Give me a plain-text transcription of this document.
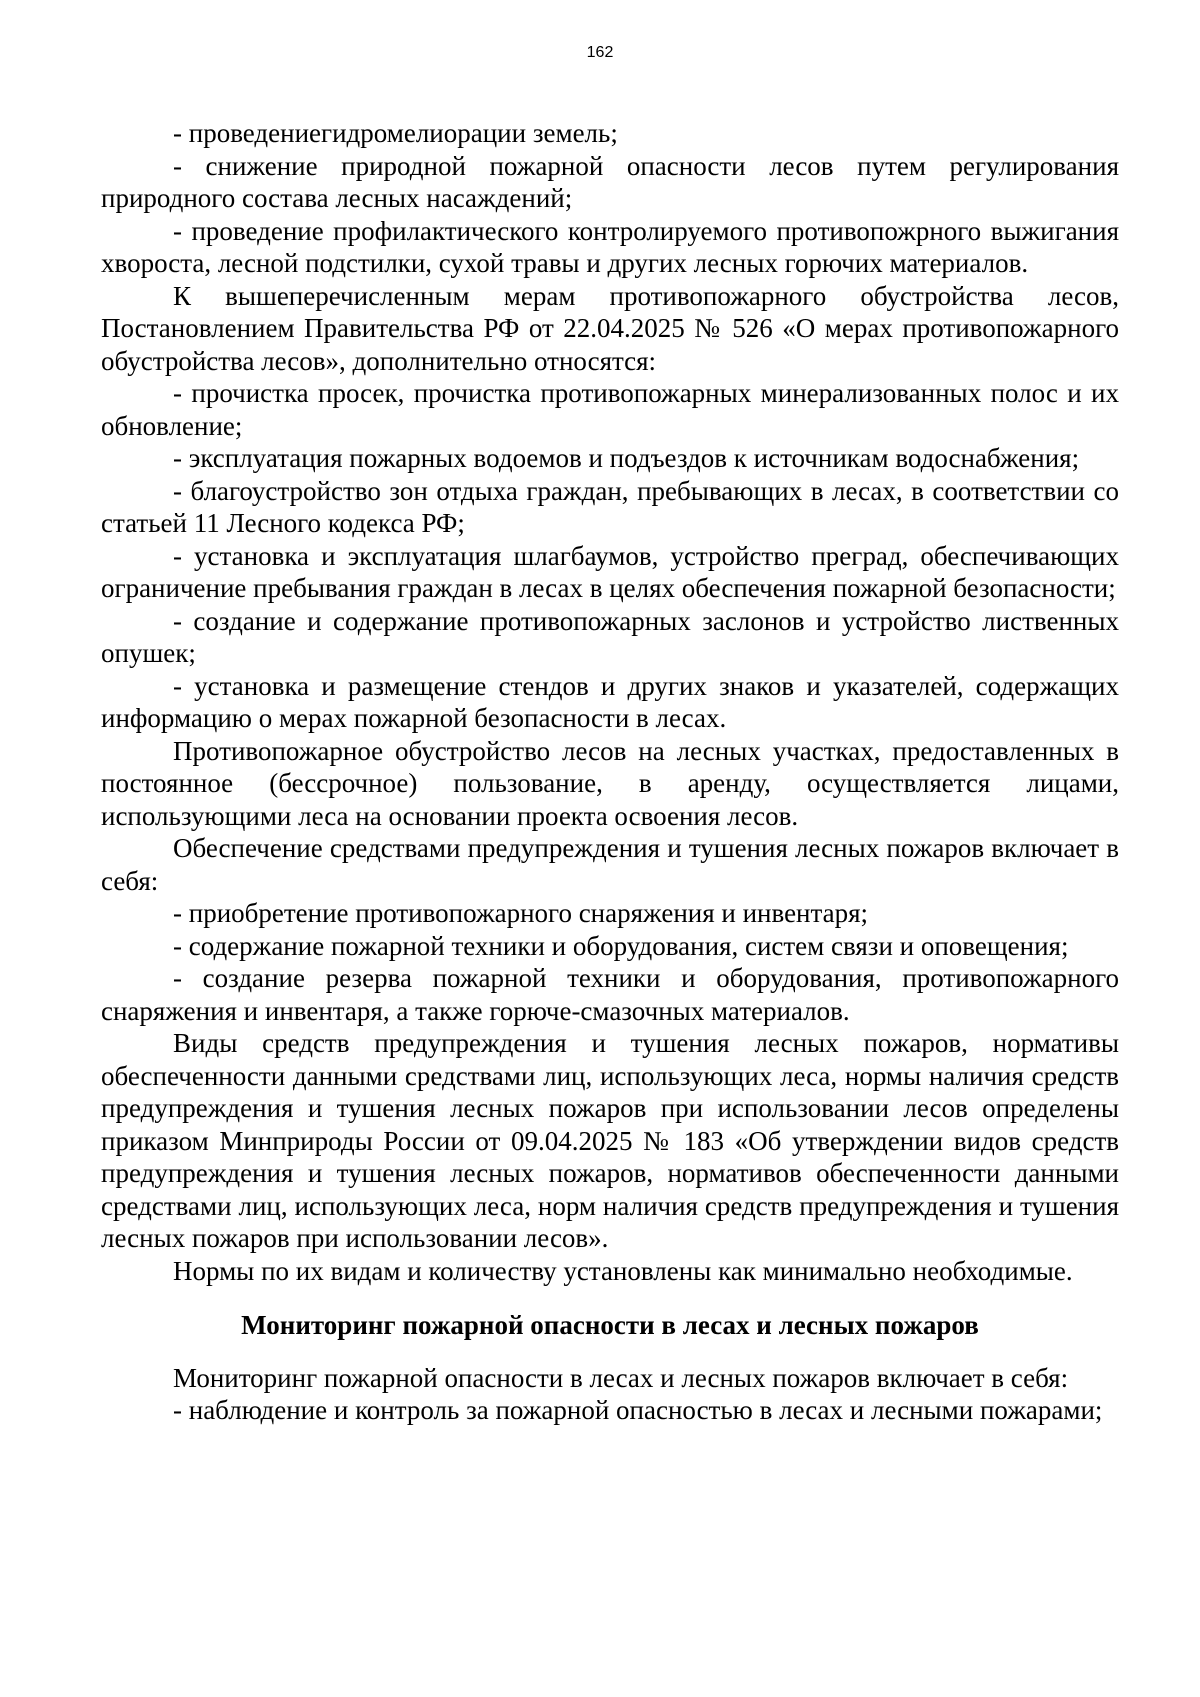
162

- проведениегидромелиорации земель;

- снижение природной пожарной опасности лесов путем регулирования природного состава лесных насаждений;

- проведение профилактического контролируемого противопожрного выжигания хвороста, лесной подстилки, сухой травы и других лесных горючих материалов.

К вышеперечисленным мерам противопожарного обустройства лесов, Постановлением Правительства РФ от 22.04.2025 № 526 «О мерах противопожарного обустройства лесов», дополнительно относятся:

- прочистка просек, прочистка противопожарных минерализованных полос и их обновление;

- эксплуатация пожарных водоемов и подъездов к источникам водоснабжения;

- благоустройство зон отдыха граждан, пребывающих в лесах, в соответствии со статьей 11 Лесного кодекса РФ;

- установка и эксплуатация шлагбаумов, устройство преград, обеспечивающих ограничение пребывания граждан в лесах в целях обеспечения пожарной безопасности;

- создание и содержание противопожарных заслонов и устройство лиственных опушек;

- установка и размещение стендов и других знаков и указателей, содержащих информацию о мерах пожарной безопасности в лесах.

Противопожарное обустройство лесов на лесных участках, предоставленных в постоянное (бессрочное) пользование, в аренду, осуществляется лицами, использующими леса на основании проекта освоения лесов.

Обеспечение средствами предупреждения и тушения лесных пожаров включает в себя:

- приобретение противопожарного снаряжения и инвентаря;

- содержание пожарной техники и оборудования, систем связи и оповещения;

- создание резерва пожарной техники и оборудования, противопожарного снаряжения и инвентаря, а также горюче-смазочных материалов.

Виды средств предупреждения и тушения лесных пожаров, нормативы обеспеченности данными средствами лиц, использующих леса, нормы наличия средств предупреждения и тушения лесных пожаров при использовании лесов определены приказом Минприроды России от 09.04.2025 № 183 «Об утверждении видов средств предупреждения и тушения лесных пожаров, нормативов обеспеченности данными средствами лиц, использующих леса, норм наличия средств предупреждения и тушения лесных пожаров при использовании лесов».

Нормы по их видам и количеству установлены как минимально необходимые.

Мониторинг пожарной опасности в лесах и лесных пожаров

Мониторинг пожарной опасности в лесах и лесных пожаров включает в себя:

- наблюдение и контроль за пожарной опасностью в лесах и лесными пожарами;
